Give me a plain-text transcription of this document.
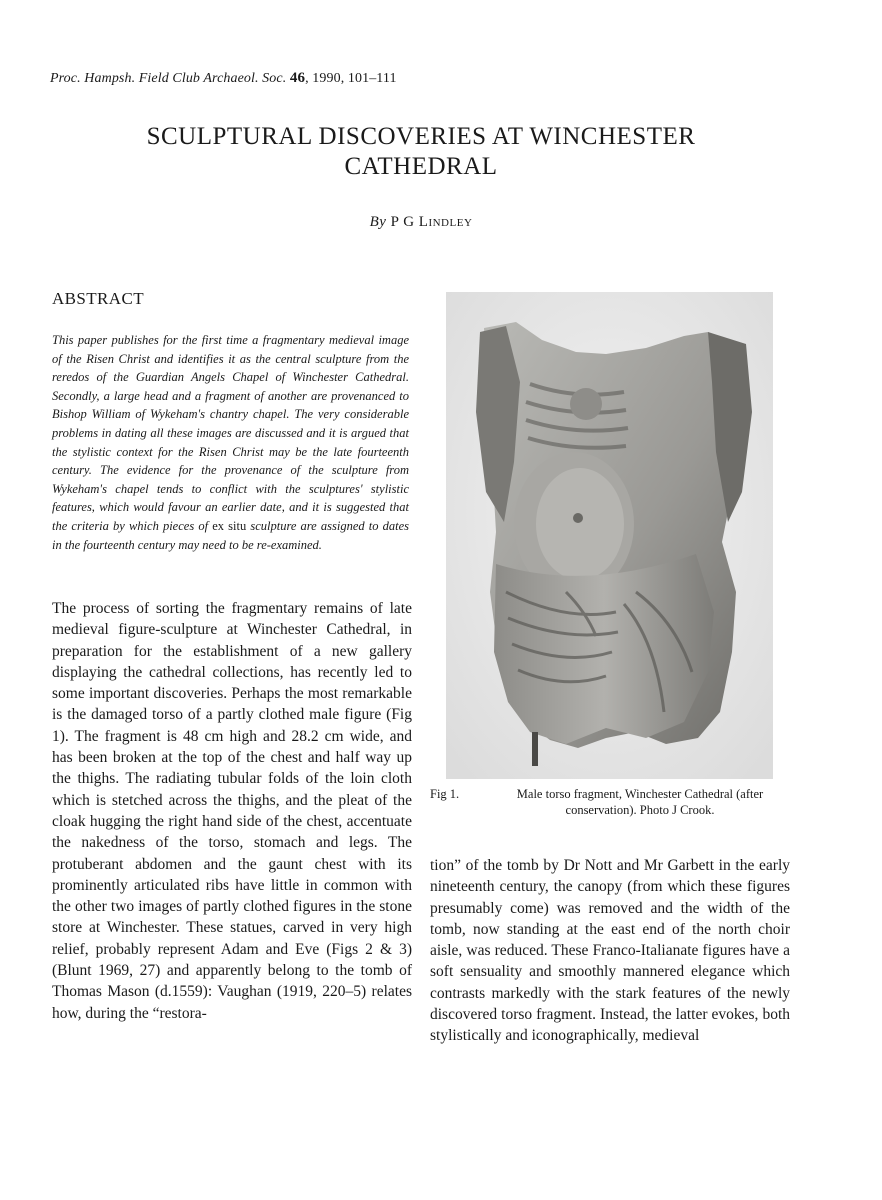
Proc. Hampsh. Field Club Archaeol. Soc. 46, 1990, 101–111
SCULPTURAL DISCOVERIES AT WINCHESTER
CATHEDRAL
By P G Lindley
ABSTRACT
This paper publishes for the first time a fragmentary medieval image of the Risen Christ and identifies it as the central sculpture from the reredos of the Guardian Angels Chapel of Winchester Cathedral. Secondly, a large head and a fragment of another are provenanced to Bishop William of Wykeham's chantry chapel. The very considerable problems in dating all these images are discussed and it is argued that the stylistic context for the Risen Christ may be the late fourteenth century. The evidence for the provenance of the sculpture from Wykeham's chapel tends to conflict with the sculptures' stylistic features, which would favour an earlier date, and it is suggested that the criteria by which pieces of ex situ sculpture are assigned to dates in the fourteenth century may need to be re-examined.

The process of sorting the fragmentary remains of late medieval figure-sculpture at Winchester Cathedral, in preparation for the establishment of a new gallery displaying the cathedral collections, has recently led to some important discoveries. Perhaps the most remarkable is the damaged torso of a partly clothed male figure (Fig 1). The fragment is 48 cm high and 28.2 cm wide, and has been broken at the top of the chest and half way up the thighs. The radiating tubular folds of the loin cloth which is stetched across the thighs, and the pleat of the cloak hugging the right hand side of the chest, accentuate the nakedness of the torso, stomach and legs. The protuberant abdomen and the gaunt chest with its prominently articulated ribs have little in common with the other two images of partly clothed figures in the stone store at Winchester. These statues, carved in very high relief, probably represent Adam and Eve (Figs 2 & 3) (Blunt 1969, 27) and apparently belong to the tomb of Thomas Mason (d.1559): Vaughan (1919, 220–5) relates how, during the “restora-

Fig 1.	Male torso fragment, Winchester Cathedral (after conservation). Photo J Crook.

tion” of the tomb by Dr Nott and Mr Garbett in the early nineteenth century, the canopy (from which these figures presumably come) was removed and the width of the tomb, now standing at the east end of the north choir aisle, was reduced. These Franco-Italianate figures have a soft sensuality and smoothly mannered elegance which contrasts markedly with the stark features of the newly discovered torso fragment. Instead, the latter evokes, both stylistically and iconographically, medieval
